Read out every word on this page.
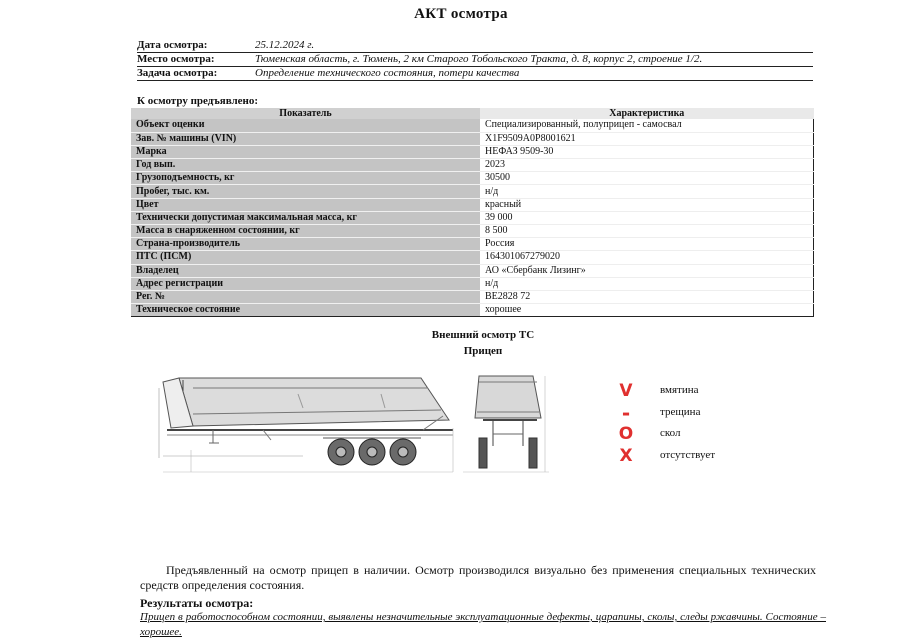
АКТ осмотра
Дата осмотра:	25.12.2024 г.
Место осмотра:	Тюменская область, г. Тюмень, 2 км Старого Тобольского Тракта, д. 8, корпус 2, строение 1/2.
Задача осмотра:	Определение технического состояния, потери качества
К осмотру предъявлено:
Показатель	Характеристика
Объект оценки	Специализированный, полуприцеп - самосвал
Зав. № машины (VIN)	X1F9509A0P8001621
Марка	НЕФАЗ 9509-30
Год вып.	2023
Грузоподъемность, кг	30500
Пробег, тыс. км.	н/д
Цвет	красный
Технически допустимая максимальная масса, кг	39 000
Масса в снаряженном состоянии, кг	8 500
Страна-производитель	Россия
ПТС (ПСМ)	164301067279020
Владелец	АО «Сбербанк Лизинг»
Адрес регистрации	н/д
Рег. №	ВЕ2828 72
Техническое состояние	хорошее
Внешний осмотр ТС
Прицеп
V	вмятина
-	трещина
O	скол
X	отсутствует
Предъявленный на осмотр прицеп в наличии. Осмотр производился визуально без применения специальных технических средств определения состояния.
Результаты осмотра:
Прицеп в работоспособном состоянии, выявлены незначительные эксплуатационные дефекты, царапины, сколы, следы ржавчины. Состояние – хорошее.
